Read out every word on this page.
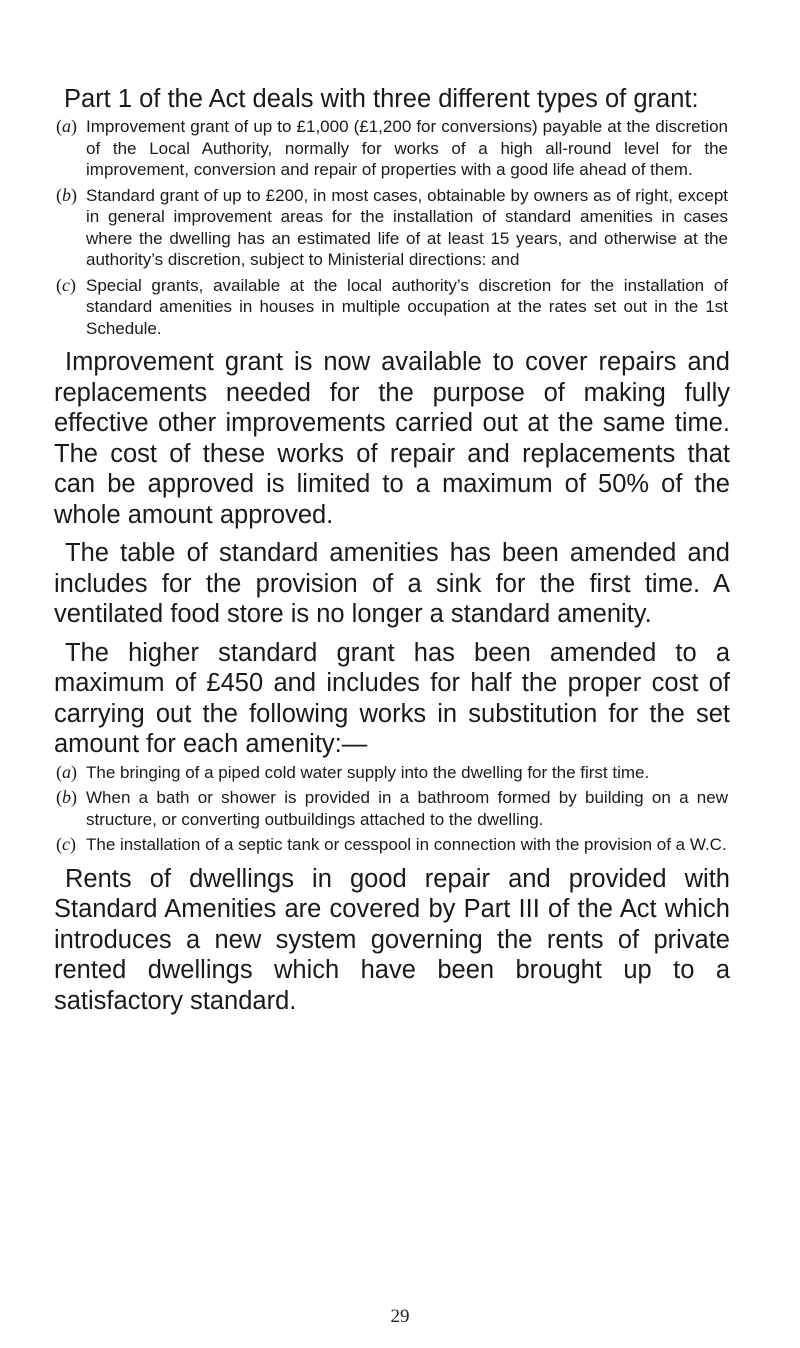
Part 1 of the Act deals with three different types of grant:

(a) Improvement grant of up to £1,000 (£1,200 for conversions) payable at the discretion of the Local Authority, normally for works of a high all-round level for the improvement, conversion and repair of properties with a good life ahead of them.
(b) Standard grant of up to £200, in most cases, obtainable by owners as of right, except in general improvement areas for the installation of standard amenities in cases where the dwelling has an estimated life of at least 15 years, and otherwise at the authority’s discretion, subject to Ministerial directions: and
(c) Special grants, available at the local authority’s discretion for the installation of standard amenities in houses in multiple occupation at the rates set out in the 1st Schedule.

Improvement grant is now available to cover repairs and replacements needed for the purpose of making fully effective other improvements carried out at the same time. The cost of these works of repair and replacements that can be approved is limited to a maximum of 50% of the whole amount approved.

The table of standard amenities has been amended and includes for the provision of a sink for the first time. A ventilated food store is no longer a standard amenity.

The higher standard grant has been amended to a maximum of £450 and includes for half the proper cost of carrying out the following works in substitution for the set amount for each amenity:—

(a) The bringing of a piped cold water supply into the dwelling for the first time.
(b) When a bath or shower is provided in a bathroom formed by building on a new structure, or converting outbuildings attached to the dwelling.
(c) The installation of a septic tank or cesspool in connection with the provision of a W.C.

Rents of dwellings in good repair and provided with Standard Amenities are covered by Part III of the Act which introduces a new system governing the rents of private rented dwellings which have been brought up to a satisfactory standard.

29
